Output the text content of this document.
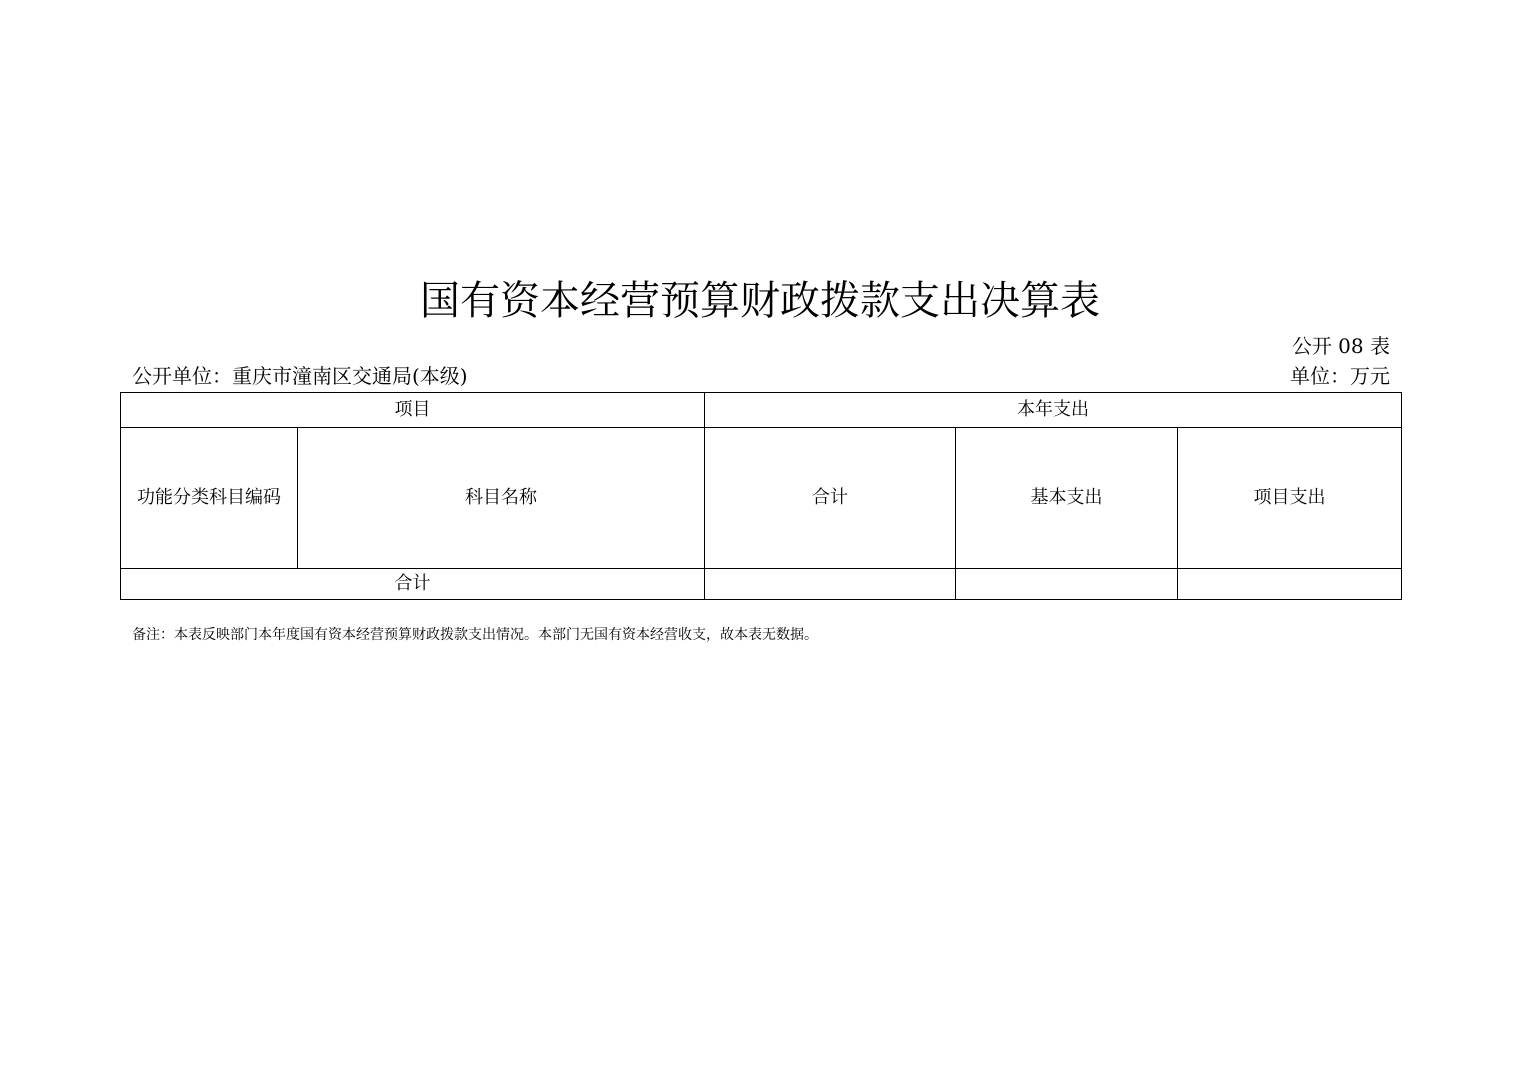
国有资本经营预算财政拨款支出决算表
公开 08 表
公开单位：重庆市潼南区交通局(本级)	单位：万元
项目		本年支出		
功能分类科目编码	科目名称	合计	基本支出	项目支出
合计				
备注：本表反映部门本年度国有资本经营预算财政拨款支出情况。本部门无国有资本经营收支，故本表无数据。
